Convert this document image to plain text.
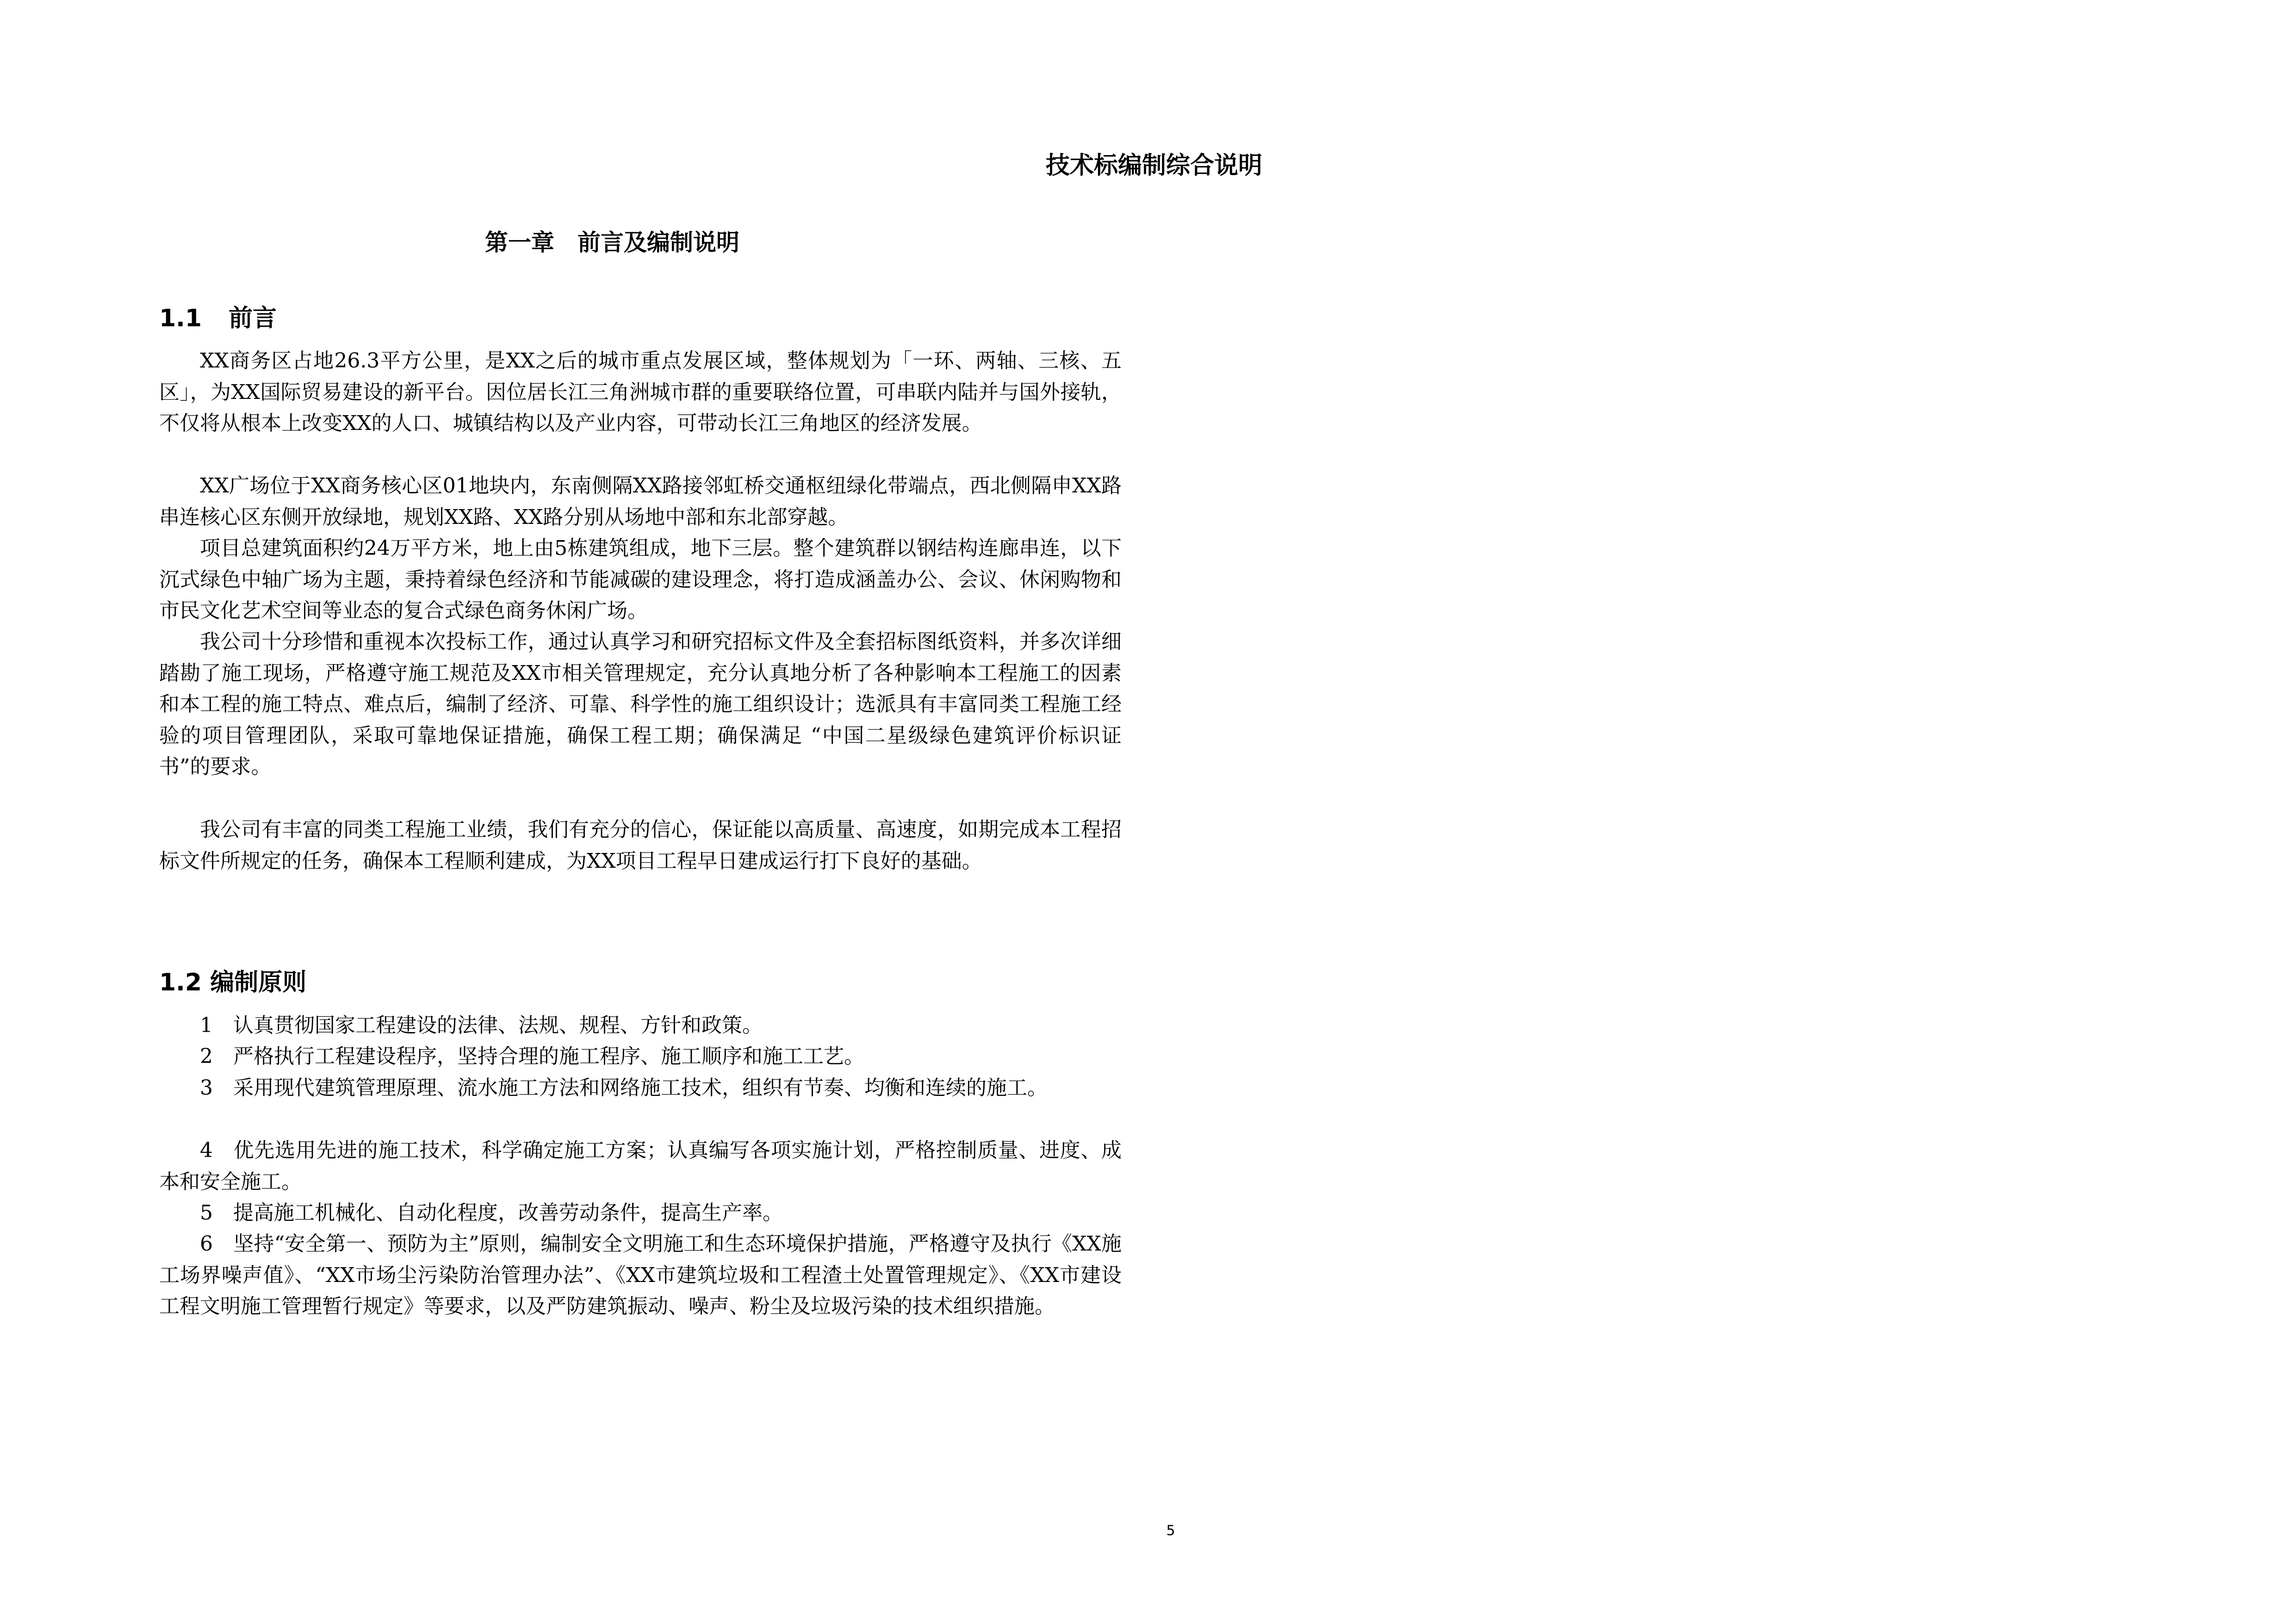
技术标编制综合说明
第一章　前言及编制说明
1.1 前言

XX商务区占地26.3平方公里，是XX之后的城市重点发展区域，整体规划为「一环、两轴、三核、五区」，为XX国际贸易建设的新平台。因位居长江三角洲城市群的重要联络位置，可串联内陆并与国外接轨，不仅将从根本上改变XX的人口、城镇结构以及产业内容，可带动长江三角地区的经济发展。

XX广场位于XX商务核心区01地块内，东南侧隔XX路接邻虹桥交通枢纽绿化带端点，西北侧隔申XX路串连核心区东侧开放绿地，规划XX路、XX路分别从场地中部和东北部穿越。

项目总建筑面积约24万平方米，地上由5栋建筑组成，地下三层。整个建筑群以钢结构连廊串连，以下沉式绿色中轴广场为主题，秉持着绿色经济和节能减碳的建设理念，将打造成涵盖办公、会议、休闲购物和市民文化艺术空间等业态的复合式绿色商务休闲广场。

我公司十分珍惜和重视本次投标工作，通过认真学习和研究招标文件及全套招标图纸资料，并多次详细踏勘了施工现场，严格遵守施工规范及XX市相关管理规定，充分认真地分析了各种影响本工程施工的因素和本工程的施工特点、难点后，编制了经济、可靠、科学性的施工组织设计；选派具有丰富同类工程施工经验的项目管理团队，采取可靠地保证措施，确保工程工期；确保满足 “中国二星级绿色建筑评价标识证书”的要求。

我公司有丰富的同类工程施工业绩，我们有充分的信心，保证能以高质量、高速度，如期完成本工程招标文件所规定的任务，确保本工程顺利建成，为XX项目工程早日建成运行打下良好的基础。

1.2 编制原则

1 认真贯彻国家工程建设的法律、法规、规程、方针和政策。

2 严格执行工程建设程序，坚持合理的施工程序、施工顺序和施工工艺。

3 采用现代建筑管理原理、流水施工方法和网络施工技术，组织有节奏、均衡和连续的施工。

4 优先选用先进的施工技术，科学确定施工方案；认真编写各项实施计划，严格控制质量、进度、成本和安全施工。

5 提高施工机械化、自动化程度，改善劳动条件，提高生产率。

6 坚持“安全第一、预防为主”原则，编制安全文明施工和生态环境保护措施，严格遵守及执行《XX施工场界噪声值》、“XX市场尘污染防治管理办法”、《XX市建筑垃圾和工程渣土处置管理规定》、《XX市建设工程文明施工管理暂行规定》等要求，以及严防建筑振动、噪声、粉尘及垃圾污染的技术组织措施。

5
